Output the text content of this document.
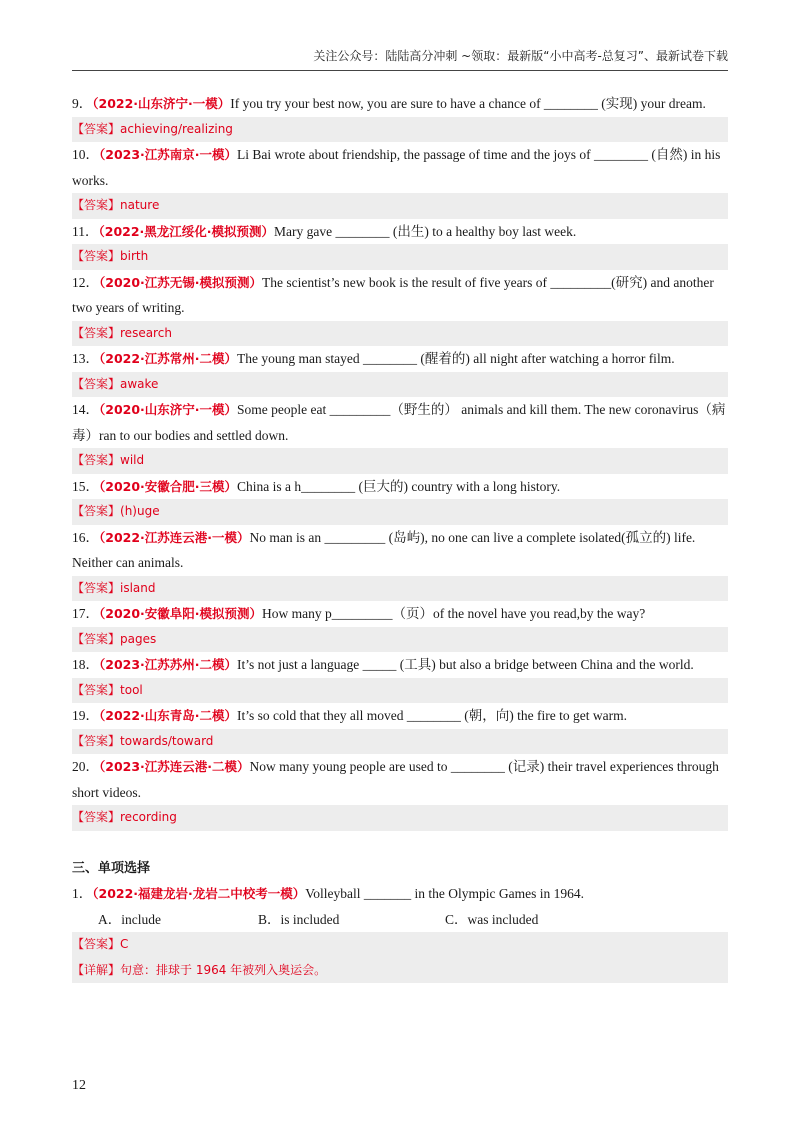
关注公众号：陆陆高分冲刺 ~领取：最新版“小中高考-总复习”、最新试卷下载

9．（2022·山东济宁·一模）If you try your best now, you are sure to have a chance of ________ (实现) your dream.

【答案】achieving/realizing

10．（2023·江苏南京·一模）Li Bai wrote about friendship, the passage of time and the joys of ________ (自然) in his works.

【答案】nature

11．（2022·黑龙江绥化·模拟预测）Mary gave ________ (出生) to a healthy boy last week.

【答案】birth

12．（2020·江苏无锡·模拟预测）The scientist’s new book is the result of five years of _________(研究) and another two years of writing.

【答案】research

13．（2022·江苏常州·二模）The young man stayed ________ (醒着的) all night after watching a horror film.

【答案】awake

14．（2020·山东济宁·一模）Some people eat _________（野生的） animals and kill them. The new coronavirus（病毒）ran to our bodies and settled down.

【答案】wild

15．（2020·安徽合肥·三模）China is a h________ (巨大的) country with a long history.

【答案】(h)uge

16．（2022·江苏连云港·一模）No man is an _________ (岛屿), no one can live a complete isolated(孤立的) life. Neither can animals.

【答案】island

17．（2020·安徽阜阳·模拟预测）How many p_________（页）of the novel have you read,by the way?

【答案】pages

18．（2023·江苏苏州·二模）It’s not just a language _____ (工具) but also a bridge between China and the world.

【答案】tool

19．（2022·山东青岛·二模）It’s so cold that they all moved ________ (朝，向) the fire to get warm.

【答案】towards/toward

20．（2023·江苏连云港·二模）Now many young people are used to ________ (记录) their travel experiences through short videos.

【答案】recording

三、单项选择

1．（2022·福建龙岩·龙岩二中校考一模）Volleyball _______ in the Olympic Games in 1964.

A．include	B．is included	C．was included

【答案】C

【详解】句意：排球于 1964 年被列入奥运会。

12
